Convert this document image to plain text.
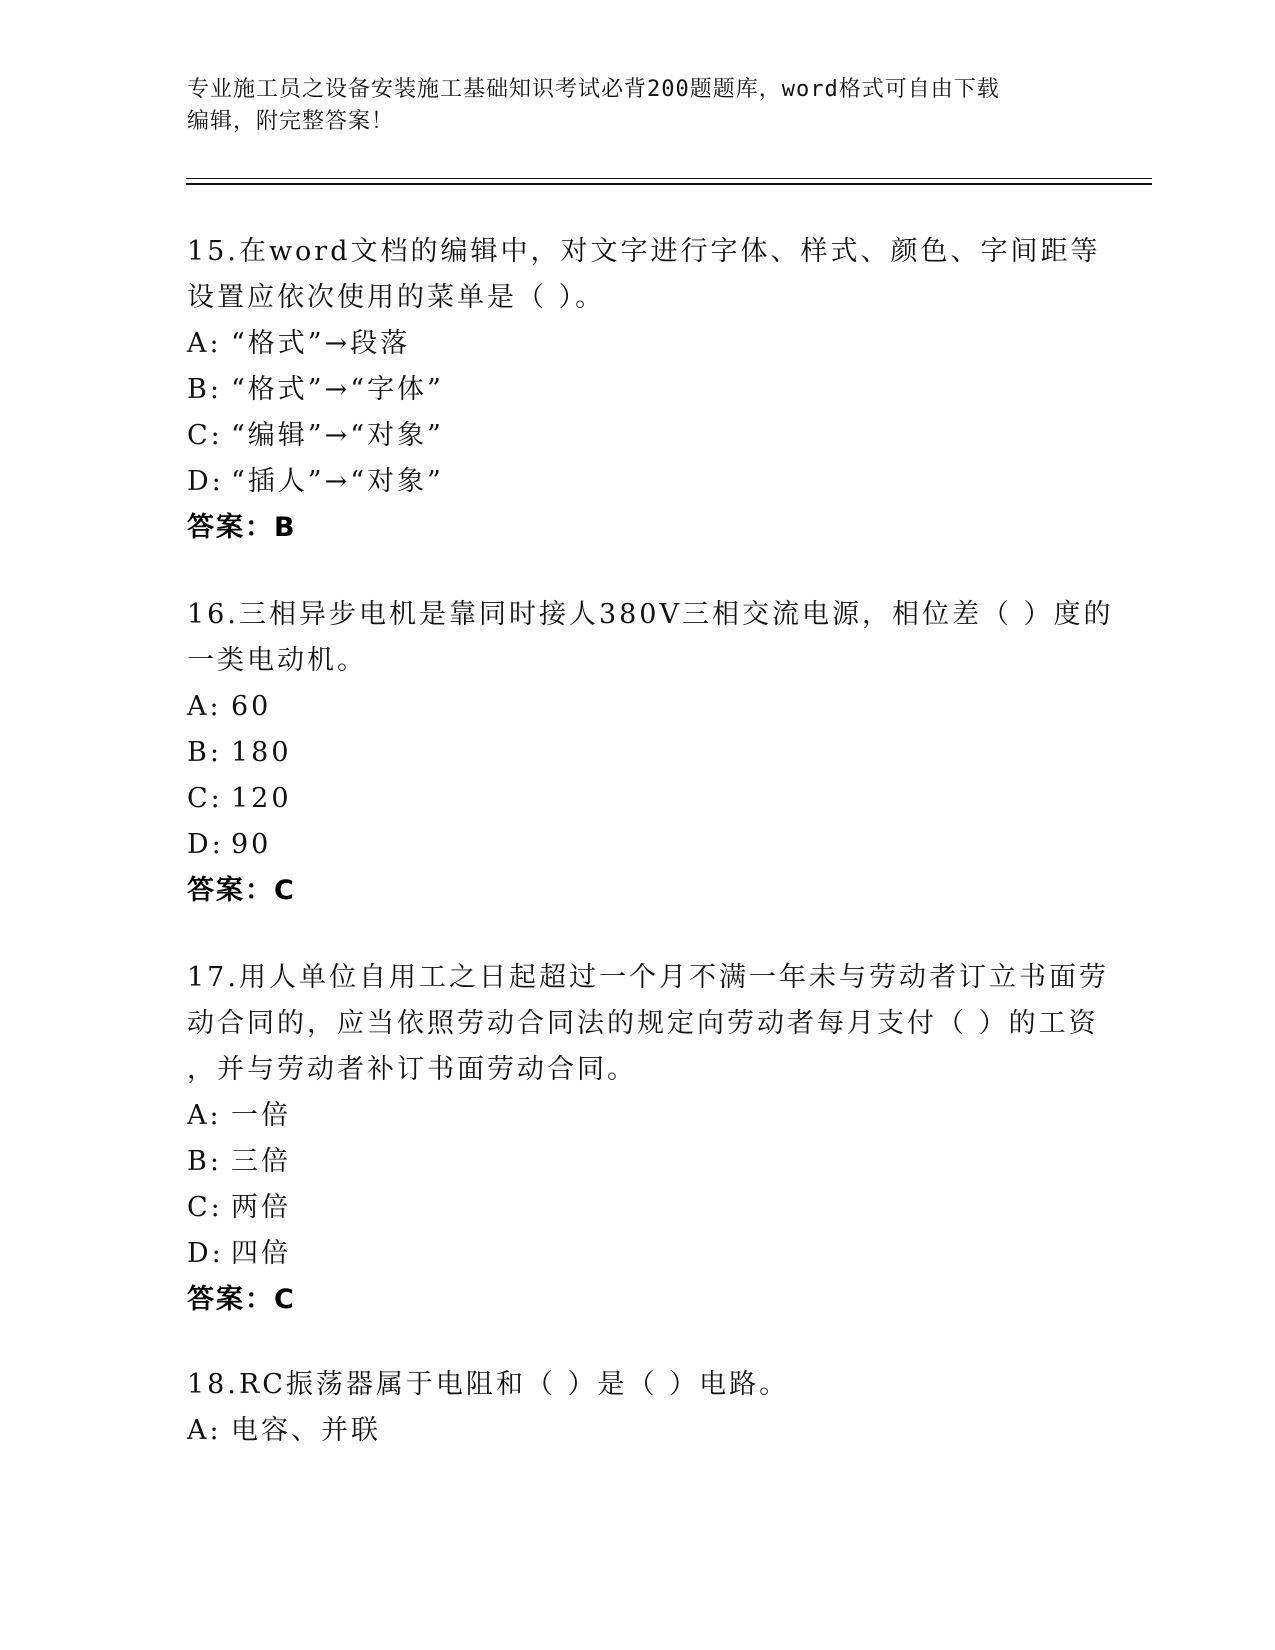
专业施工员之设备安装施工基础知识考试必背200题题库，word格式可自由下载
编辑，附完整答案！
15.在word文档的编辑中，对文字进行字体、样式、颜色、字间距等
设置应依次使用的菜单是（ ）。
A: “格式”→段落
B: “格式”→“字体”
C: “编辑”→“对象”
D: “插人”→“对象”
答案：B
16.三相异步电机是靠同时接人380V三相交流电源，相位差（ ）度的
一类电动机。
A: 60
B: 180
C: 120
D: 90
答案：C
17.用人单位自用工之日起超过一个月不满一年未与劳动者订立书面劳
动合同的，应当依照劳动合同法的规定向劳动者每月支付（ ）的工资
，并与劳动者补订书面劳动合同。
A: 一倍
B: 三倍
C: 两倍
D: 四倍
答案：C
18.RC振荡器属于电阻和（ ）是（ ）电路。
A: 电容、并联
